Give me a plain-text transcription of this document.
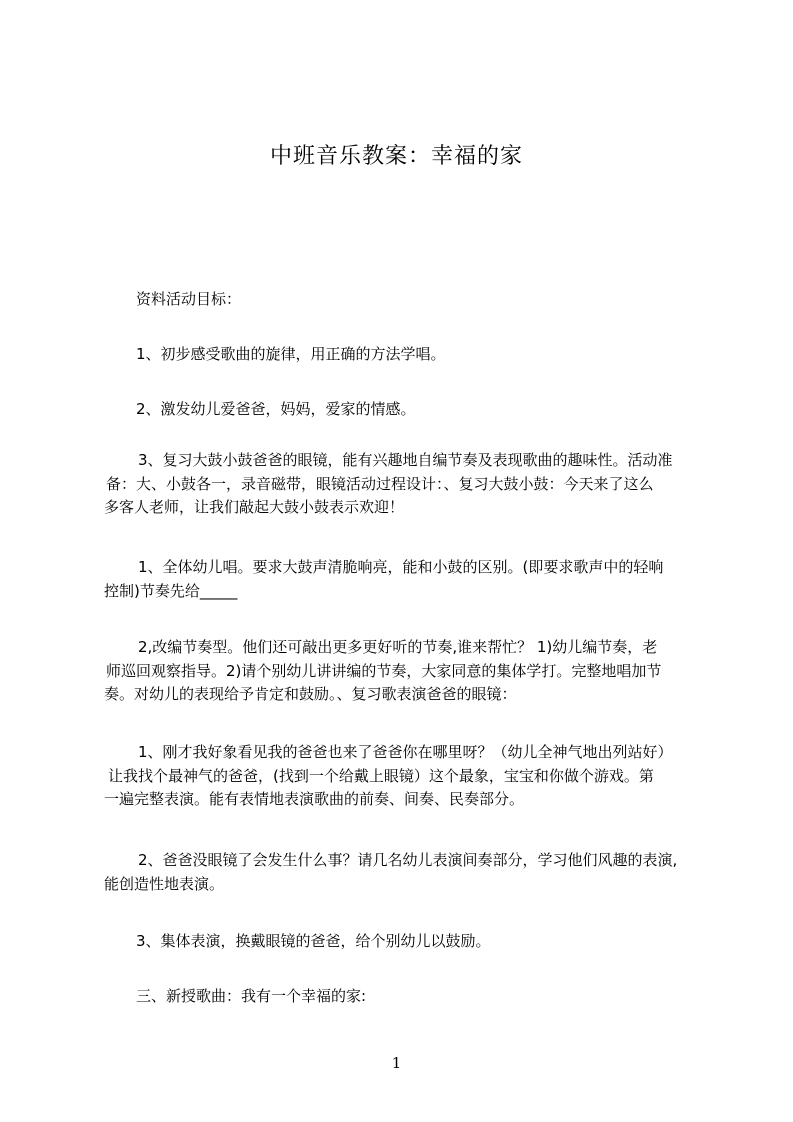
中班音乐教案：幸福的家
资料活动目标：
1、初步感受歌曲的旋律，用正确的方法学唱。
2、激发幼儿爱爸爸，妈妈，爱家的情感。
3、复习大鼓小鼓爸爸的眼镜，能有兴趣地自编节奏及表现歌曲的趣味性。活动准
备：大、小鼓各一，录音磁带，眼镜活动过程设计：、复习大鼓小鼓：今天来了这么
多客人老师，让我们敲起大鼓小鼓表示欢迎！
1、全体幼儿唱。要求大鼓声清脆响亮，能和小鼓的区别。(即要求歌声中的轻响
控制)节奏先给_____
2,改编节奏型。他们还可敲出更多更好听的节奏,谁来帮忙？ 1)幼儿编节奏，老
师巡回观察指导。2)请个别幼儿讲讲编的节奏，大家同意的集体学打。完整地唱加节
奏。对幼儿的表现给予肯定和鼓励。、复习歌表演爸爸的眼镜：
1、刚才我好象看见我的爸爸也来了爸爸你在哪里呀？（幼儿全神气地出列站好）
让我找个最神气的爸爸，(找到一个给戴上眼镜）这个最象，宝宝和你做个游戏。第
一遍完整表演。能有表情地表演歌曲的前奏、间奏、民奏部分。
2、爸爸没眼镜了会发生什么事？请几名幼儿表演间奏部分，学习他们风趣的表演,
能创造性地表演。
3、集体表演，换戴眼镜的爸爸，给个别幼儿以鼓励。
三、新授歌曲：我有一个幸福的家:
1
